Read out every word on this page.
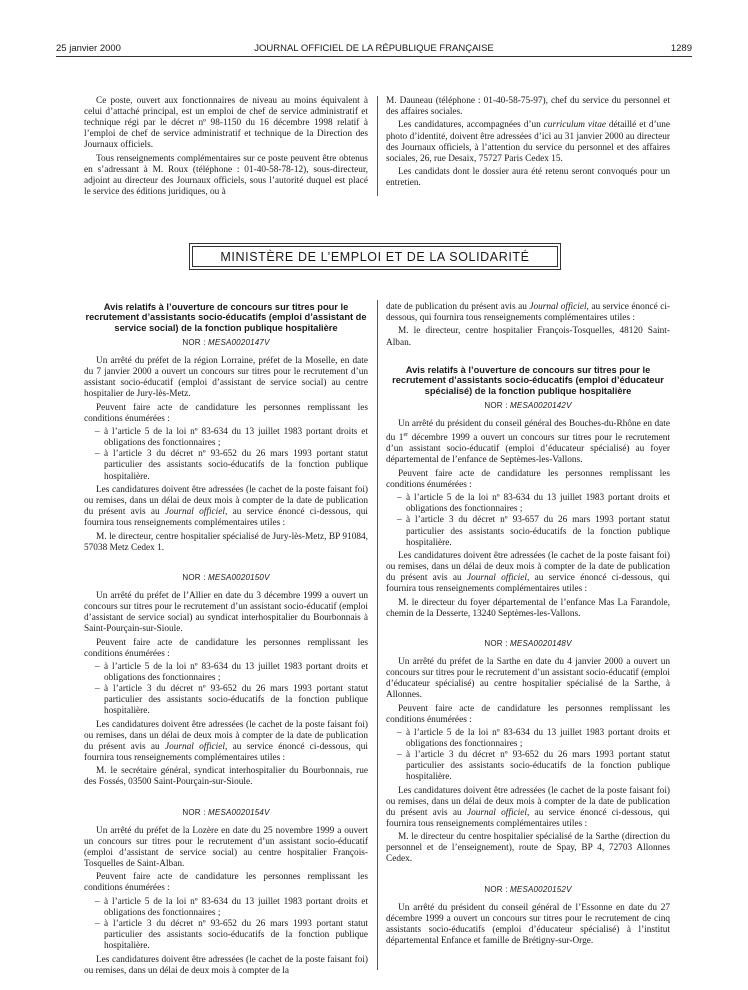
25 janvier 2000	JOURNAL OFFICIEL DE LA RÉPUBLIQUE FRANÇAISE	1289

Ce poste, ouvert aux fonctionnaires de niveau au moins équivalent à celui d’attaché principal, est un emploi de chef de service administratif et technique régi par le décret nº 98-1150 du 16 décembre 1998 relatif à l’emploi de chef de service administratif et technique de la Direction des Journaux officiels.

Tous renseignements complémentaires sur ce poste peuvent être obtenus en s’adressant à M. Roux (téléphone : 01-40-58-78-12), sous-directeur, adjoint au directeur des Journaux officiels, sous l’autorité duquel est placé le service des éditions juridiques, ou à

M. Dauneau (téléphone : 01-40-58-75-97), chef du service du personnel et des affaires sociales.

Les candidatures, accompagnées d’un curriculum vitae détaillé et d’une photo d’identité, doivent être adressées d’ici au 31 janvier 2000 au directeur des Journaux officiels, à l’attention du service du personnel et des affaires sociales, 26, rue Desaix, 75727 Paris Cedex 15.

Les candidats dont le dossier aura été retenu seront convoqués pour un entretien.

MINISTÈRE DE L’EMPLOI ET DE LA SOLIDARITÉ
Avis relatifs à l’ouverture de concours sur titres pour le recrutement d’assistants socio-éducatifs (emploi d’assistant de service social) de la fonction publique hospitalière
NOR : MESA0020147V

Un arrêté du préfet de la région Lorraine, préfet de la Moselle, en date du 7 janvier 2000 a ouvert un concours sur titres pour le recrutement d’un assistant socio-éducatif (emploi d’assistant de service social) au centre hospitalier de Jury-lès-Metz.

Peuvent faire acte de candidature les personnes remplissant les conditions énumérées :

– à l’article 5 de la loi nº 83-634 du 13 juillet 1983 portant droits et obligations des fonctionnaires ;
– à l’article 3 du décret nº 93-652 du 26 mars 1993 portant statut particulier des assistants socio-éducatifs de la fonction publique hospitalière.

Les candidatures doivent être adressées (le cachet de la poste faisant foi) ou remises, dans un délai de deux mois à compter de la date de publication du présent avis au Journal officiel, au service énoncé ci-dessous, qui fournira tous renseignements complémentaires utiles :

M. le directeur, centre hospitalier spécialisé de Jury-lès-Metz, BP 91084, 57038 Metz Cedex 1.

NOR : MESA0020150V

Un arrêté du préfet de l’Allier en date du 3 décembre 1999 a ouvert un concours sur titres pour le recrutement d’un assistant socio-éducatif (emploi d’assistant de service social) au syndicat interhospitalier du Bourbonnais à Saint-Pourçain-sur-Sioule.

Peuvent faire acte de candidature les personnes remplissant les conditions énumérées :

– à l’article 5 de la loi nº 83-634 du 13 juillet 1983 portant droits et obligations des fonctionnaires ;
– à l’article 3 du décret nº 93-652 du 26 mars 1993 portant statut particulier des assistants socio-éducatifs de la fonction publique hospitalière.

Les candidatures doivent être adressées (le cachet de la poste faisant foi) ou remises, dans un délai de deux mois à compter de la date de publication du présent avis au Journal officiel, au service énoncé ci-dessous, qui fournira tous renseignements complémentaires utiles :

M. le secrétaire général, syndicat interhospitalier du Bourbonnais, rue des Fossés, 03500 Saint-Pourçain-sur-Sioule.

NOR : MESA0020154V

Un arrêté du préfet de la Lozère en date du 25 novembre 1999 a ouvert un concours sur titres pour le recrutement d’un assistant socio-éducatif (emploi d’assistant de service social) au centre hospitalier François-Tosquelles de Saint-Alban.

Peuvent faire acte de candidature les personnes remplissant les conditions énumérées :

– à l’article 5 de la loi nº 83-634 du 13 juillet 1983 portant droits et obligations des fonctionnaires ;
– à l’article 3 du décret nº 93-652 du 26 mars 1993 portant statut particulier des assistants socio-éducatifs de la fonction publique hospitalière.

Les candidatures doivent être adressées (le cachet de la poste faisant foi) ou remises, dans un délai de deux mois à compter de la

date de publication du présent avis au Journal officiel, au service énoncé ci-dessous, qui fournira tous renseignements complémentaires utiles :

M. le directeur, centre hospitalier François-Tosquelles, 48120 Saint-Alban.

Avis relatifs à l’ouverture de concours sur titres pour le recrutement d’assistants socio-éducatifs (emploi d’éducateur spécialisé) de la fonction publique hospitalière
NOR : MESA0020142V

Un arrêté du président du conseil général des Bouches-du-Rhône en date du 1er décembre 1999 a ouvert un concours sur titres pour le recrutement d’un assistant socio-éducatif (emploi d’éducateur spécialisé) au foyer départemental de l’enfance de Septèmes-les-Vallons.

Peuvent faire acte de candidature les personnes remplissant les conditions énumérées :

– à l’article 5 de la loi nº 83-634 du 13 juillet 1983 portant droits et obligations des fonctionnaires ;
– à l’article 3 du décret nº 93-657 du 26 mars 1993 portant statut particulier des assistants socio-éducatifs de la fonction publique hospitalière.

Les candidatures doivent être adressées (le cachet de la poste faisant foi) ou remises, dans un délai de deux mois à compter de la date de publication du présent avis au Journal officiel, au service énoncé ci-dessous, qui fournira tous renseignements complémentaires utiles :

M. le directeur du foyer départemental de l’enfance Mas La Farandole, chemin de la Desserte, 13240 Septèmes-les-Vallons.

NOR : MESA0020148V

Un arrêté du préfet de la Sarthe en date du 4 janvier 2000 a ouvert un concours sur titres pour le recrutement d’un assistant socio-éducatif (emploi d’éducateur spécialisé) au centre hospitalier spécialisé de la Sarthe, à Allonnes.

Peuvent faire acte de candidature les personnes remplissant les conditions énumérées :

– à l’article 5 de la loi nº 83-634 du 13 juillet 1983 portant droits et obligations des fonctionnaires ;
– à l’article 3 du décret nº 93-652 du 26 mars 1993 portant statut particulier des assistants socio-éducatifs de la fonction publique hospitalière.

Les candidatures doivent être adressées (le cachet de la poste faisant foi) ou remises, dans un délai de deux mois à compter de la date de publication du présent avis au Journal officiel, au service énoncé ci-dessous, qui fournira tous renseignements complémentaires utiles :

M. le directeur du centre hospitalier spécialisé de la Sarthe (direction du personnel et de l’enseignement), route de Spay, BP 4, 72703 Allonnes Cedex.

NOR : MESA0020152V

Un arrêté du président du conseil général de l’Essonne en date du 27 décembre 1999 a ouvert un concours sur titres pour le recrutement de cinq assistants socio-éducatifs (emploi d’éducateur spécialisé) à l’institut départemental Enfance et famille de Brétigny-sur-Orge.
